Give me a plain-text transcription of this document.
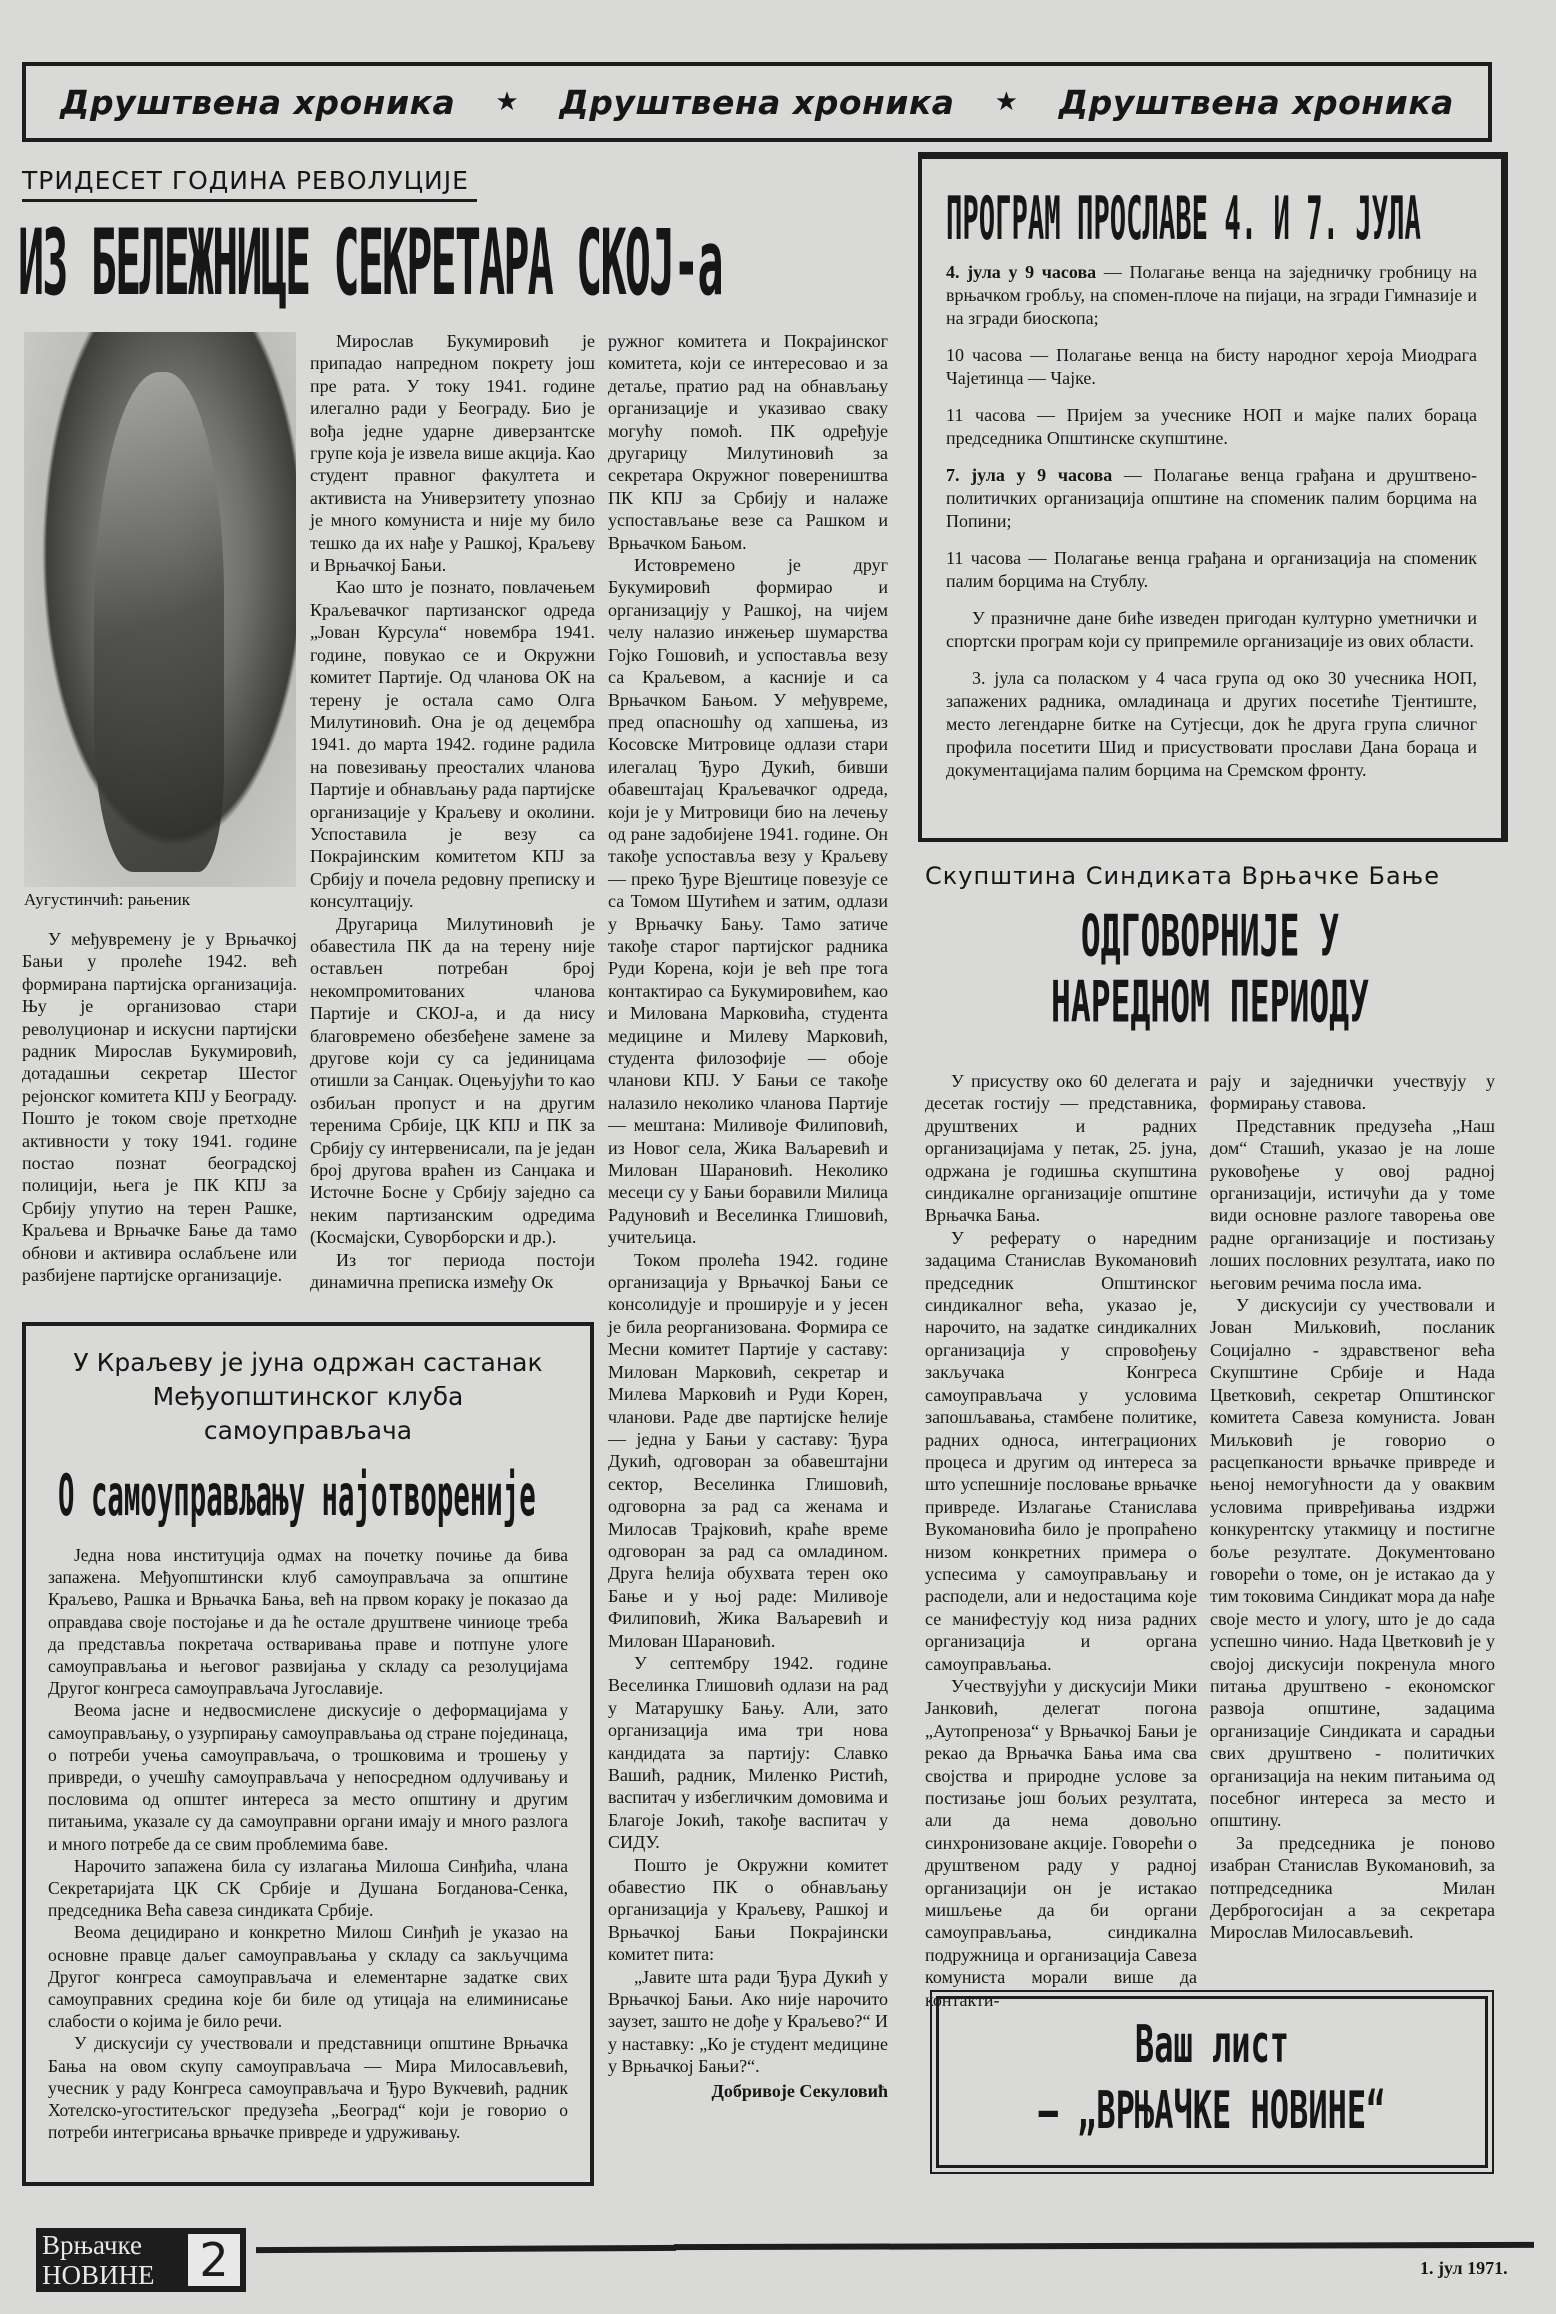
Друштвена хроника ★ Друштвена хроника ★ Друштвена хроника
ТРИДЕСЕТ ГОДИНА РЕВОЛУЦИЈЕ
ИЗ БЕЛЕЖНИЦЕ СЕКРЕТАРА СКОЈ-а
Аугустинчић: рањеник

У међувремену је у Врњачкој Бањи у пролеће 1942. већ формирана партијска организација. Њу је организовао стари револуционар и искусни партијски радник Мирослав Букумировић, дотадашњи секретар Шестог рејонског комитета КПЈ у Београду. Пошто је током своје претходне активности у току 1941. године постао познат београдској полицији, њега је ПК КПЈ за Србију упутио на терен Рашке, Краљева и Врњачке Бање да тамо обнови и активира ослабљене или разбијене партијске организације.

Мирослав Букумировић је припадао напредном покрету још пре рата. У току 1941. године илегално ради у Београду. Био је вођа једне ударне диверзантске групе која је извела више акција. Као студент правног факултета и активиста на Универзитету упознао је много комуниста и није му било тешко да их нађе у Рашкој, Краљеву и Врњачкој Бањи.

Као што је познато, повлачењем Краљевачког партизанског одреда „Јован Курсула“ новембра 1941. године, повукао се и Окружни комитет Партије. Од чланова ОК на терену је остала само Олга Милутиновић. Она је од децембра 1941. до марта 1942. године радила на повезивању преосталих чланова Партије и обнављању рада партијске организације у Краљеву и околини. Успоставила је везу са Покрајинским комитетом КПЈ за Србију и почела редовну преписку и консултацију.

Другарица Милутиновић је обавестила ПК да на терену није остављен потребан број некомпромитованих чланова Партије и СКОЈ-а, и да нису благовремено обезбеђене замене за другове који су са јединицама отишли за Санџак. Оцењујући то као озбиљан пропуст и на другим теренима Србије, ЦК КПЈ и ПК за Србију су интервенисали, па је један број другова враћен из Санџака и Источне Босне у Србију заједно са неким партизанским одредима (Космајски, Суворборски и др.).

Из тог периода постоји динамична преписка између Ок

ружног комитета и Покрајинског комитета, који се интересовао и за детаље, пратио рад на обнављању организације и указивао сваку могућу помоћ. ПК одређује другарицу Милутиновић за секретара Окружног повереништва ПК КПЈ за Србију и налаже успостављање везе са Рашком и Врњачком Бањом.

Истовремено је друг Букумировић формирао и организацију у Рашкој, на чијем челу налазио инжењер шумарства Гојко Гошовић, и успоставља везу са Краљевом, а касније и са Врњачком Бањом. У међувреме, пред опасношћу од хапшења, из Косовске Митровице одлази стари илегалац Ђуро Дукић, бивши обавештајац Краљевачког одреда, који је у Митровици био на лечењу од ране задобијене 1941. године. Он такође успоставља везу у Краљеву — преко Ђуре Вјештице повезује се са Томом Шутићем и затим, одлази у Врњачку Бању. Тамо затиче такође старог партијског радника Руди Корена, који је већ пре тога контактирао са Букумировићем, као и Милована Марковића, студента медицине и Милеву Марковић, студента филозофије — обоје чланови КПЈ. У Бањи се такође налазило неколико чланова Партије — мештана: Миливоје Филиповић, из Новог села, Жика Ваљаревић и Милован Шарановић. Неколико месеци су у Бањи боравили Милица Радуновић и Веселинка Глишовић, учитељица.

Током пролећа 1942. године организација у Врњачкој Бањи се консолидује и проширује и у јесен је била реорганизована. Формира се Месни комитет Партије у саставу: Милован Марковић, секретар и Милева Марковић и Руди Корен, чланови. Раде две партијске ћелије — једна у Бањи у саставу: Ђура Дукић, одговоран за обавештајни сектор, Веселинка Глишовић, одговорна за рад са женама и Милосав Трајковић, краће време одговоран за рад са омладином. Друга ћелија обухвата терен око Бање и у њој раде: Миливоје Филиповић, Жика Ваљаревић и Милован Шарановић.

У септембру 1942. године Веселинка Глишовић одлази на рад у Матарушку Бању. Али, зато организација има три нова кандидата за партију: Славко Вашић, радник, Миленко Ристић, васпитач у избегличким домовима и Благоје Јокић, такође васпитач у СИДУ.

Пошто је Окружни комитет обавестио ПК о обнављању организација у Краљеву, Рашкој и Врњачкој Бањи Покрајински комитет пита:

„Јавите шта ради Ђура Дукић у Врњачкој Бањи. Ако није нарочито заузет, зашто не дође у Краљево?“ И у наставку: „Ко је студент медицине у Врњачкој Бањи?“.

Добривоје Секуловић

У Краљеву је јуна одржан састанак Међуопштинског клуба самоуправљача
О самоуправљању најотвореније

Једна нова институција одмах на почетку почиње да бива запажена. Међуопштински клуб самоуправљача за општине Краљево, Рашка и Врњачка Бања, већ на првом кораку је показао да оправдава своје постојање и да ће остале друштвене чиниоце треба да представља покретача остваривања праве и потпуне улоге самоуправљања и његовог развијања у складу са резолуцијама Другог конгреса самоуправљача Југославије.

Веома јасне и недвосмислене дискусије о деформацијама у самоуправљању, о узурпирању самоуправљања од стране појединаца, о потреби учења самоуправљача, о трошковима и трошењу у привреди, о учешћу самоуправљача у непосредном одлучивању и пословима од општег интереса за место општину и другим питањима, указале су да самоуправни органи имају и много разлога и много потребе да се свим проблемима баве.

Нарочито запажена била су излагања Милоша Синђића, члана Секретаријата ЦК СК Србије и Душана Богданова-Сенка, председника Већа савеза синдиката Србије.

Веома децидирано и конкретно Милош Синђић је указао на основне правце даљег самоуправљања у складу са закључцима Другог конгреса самоуправљача и елементарне задатке свих самоуправних средина које би биле од утицаја на елиминисање слабости о којима је било речи.

У дискусији су учествовали и представници општине Врњачка Бања на овом скупу самоуправљача — Мира Милосављевић, учесник у раду Конгреса самоуправљача и Ђуро Вукчевић, радник Хотелско-угоститељског предузећа „Београд“ који је говорио о потреби интегрисања врњачке привреде и удруживању.

ПРОГРАМ ПРОСЛАВЕ 4. И 7. ЈУЛА

4. јула у 9 часова — Полагање венца на заједничку гробницу на врњачком гробљу, на спомен-плоче на пијаци, на згради Гимназије и на згради биоскопа;

10 часова — Полагање венца на бисту народног хероја Миодрага Чајетинца — Чајке.

11 часова — Пријем за учеснике НОП и мајке палих бораца председника Општинске скупштине.

7. јула у 9 часова — Полагање венца грађана и друштвено-политичких организација општине на споменик палим борцима на Попини;

11 часова — Полагање венца грађана и организација на споменик палим борцима на Стублу.

У празничне дане биће изведен пригодан културно уметнички и спортски програм који су припремиле организације из ових области.

3. јула са поласком у 4 часа група од око 30 учесника НОП, запажених радника, омладинаца и других посетиће Тјентиште, место легендарне битке на Сутјесци, док ће друга група сличног профила посетити Шид и присуствовати прослави Дана бораца и документацијама палим борцима на Сремском фронту.

Скупштина Синдиката Врњачке Бање
ОДГОВОРНИЈЕ У
НАРЕДНОМ ПЕРИОДУ

У присуству око 60 делегата и десетак гостију — представника, друштвених и радних организацијама у петак, 25. јуна, одржана је годишња скупштина синдикалне организације општине Врњачка Бања.

У реферату о наредним задацима Станислав Вукомановић председник Општинског синдикалног већа, указао је, нарочито, на задатке синдикалних организација у спровођењу закључака Конгреса самоуправљача у условима запошљавања, стамбене политике, радних односа, интеграционих процеса и другим од интереса за што успешније пословање врњачке привреде. Излагање Станислава Вукомановића било је пропраћено низом конкретних примера о успесима у самоуправљању и расподели, али и недостацима које се манифестују код низа радних организација и органа самоуправљања.

Учествујући у дискусији Мики Јанковић, делегат погона „Аутопреноза“ у Врњачкој Бањи је рекао да Врњачка Бања има сва својства и природне услове за постизање још бољих резултата, али да нема довољно синхронизоване акције. Говорећи о друштвеном раду у радној организацији он је истакао мишљење да би органи самоуправљања, синдикална подружница и организација Савеза комуниста морали више да контакти-

рају и заједнички учествују у формирању ставова.

Представник предузећа „Наш дом“ Сташић, указао је на лоше руковођење у овој радној организацији, истичући да у томе види основне разлоге таворења ове радне организације и постизању лоших пословних резултата, иако по његовим речима посла има.

У дискусији су учествовали и Јован Миљковић, посланик Социјално - здравственог већа Скупштине Србије и Нада Цветковић, секретар Општинског комитета Савеза комуниста. Јован Миљковић је говорио о расцепканости врњачке привреде и њеној немогућности да у оваквим условима привређивања издржи конкурентску утакмицу и постигне боље резултате. Документовано говорећи о томе, он је истакао да у тим токовима Синдикат мора да нађе своје место и улогу, што је до сада успешно чинио. Нада Цветковић је у својој дискусији покренула много питања друштвено - економског развоја општине, задацима организације Синдиката и сарадњи свих друштвено - политичких организација на неким питањима од посебног интереса за место и општину.

За председника је поново изабран Станислав Вукомановић, за потпредседника Милан Дерброгосијан а за секретара Мирослав Милосављевић.

Ваш лист
— „ВРЊАЧКЕ НОВИНЕ“
Врњачке
НОВИНЕ 2	1. јул 1971.
